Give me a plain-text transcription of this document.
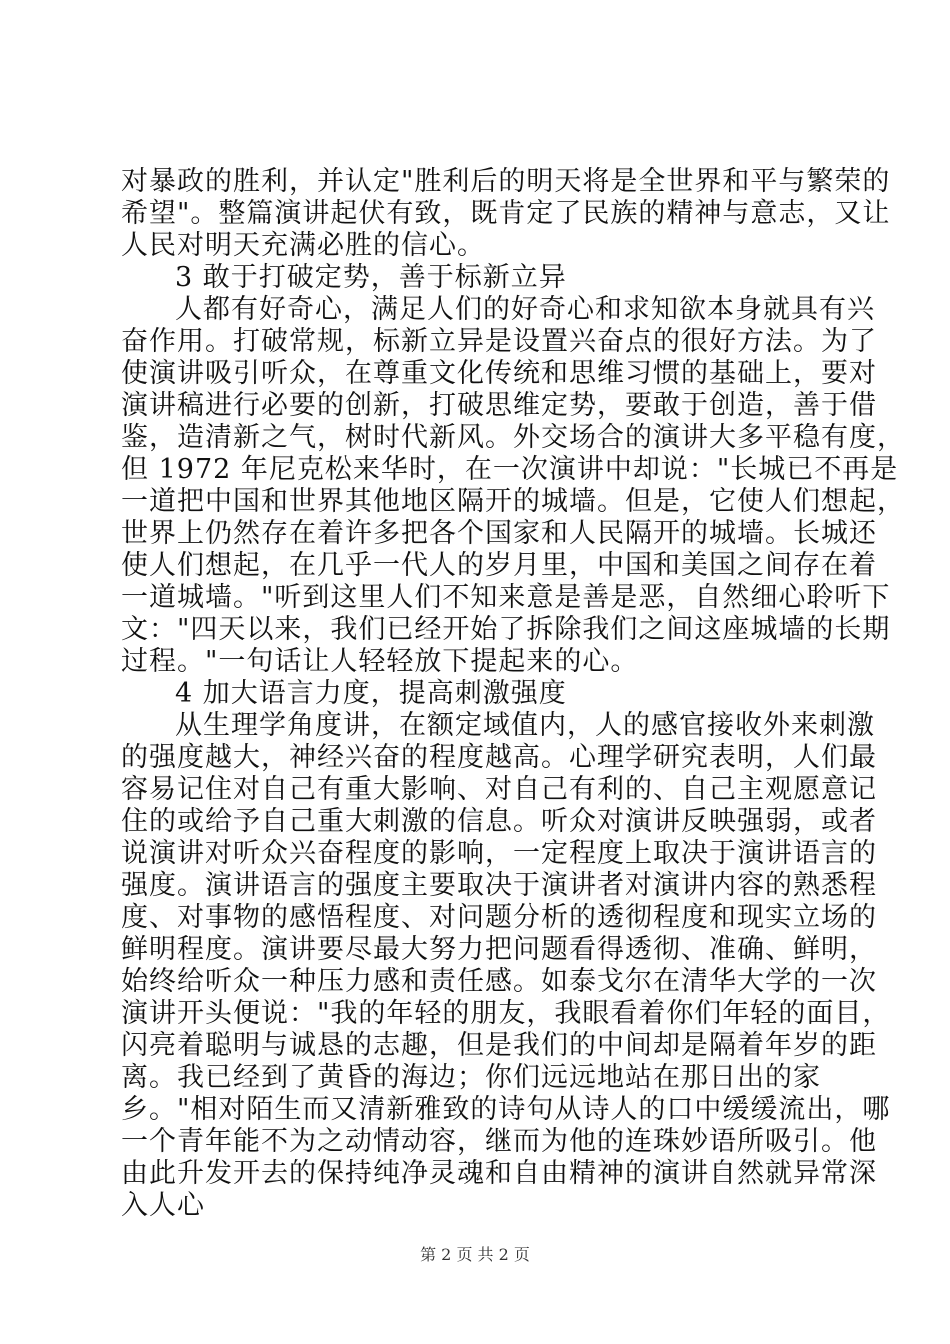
对暴政的胜利，并认定"胜利后的明天将是全世界和平与繁荣的
希望"。整篇演讲起伏有致，既肯定了民族的精神与意志，又让
人民对明天充满必胜的信心。
3 敢于打破定势，善于标新立异
人都有好奇心，满足人们的好奇心和求知欲本身就具有兴
奋作用。打破常规，标新立异是设置兴奋点的很好方法。为了
使演讲吸引听众，在尊重文化传统和思维习惯的基础上，要对
演讲稿进行必要的创新，打破思维定势，要敢于创造，善于借
鉴，造清新之气，树时代新风。外交场合的演讲大多平稳有度，
但 1972 年尼克松来华时，在一次演讲中却说："长城已不再是
一道把中国和世界其他地区隔开的城墙。但是，它使人们想起，
世界上仍然存在着许多把各个国家和人民隔开的城墙。长城还
使人们想起，在几乎一代人的岁月里，中国和美国之间存在着
一道城墙。"听到这里人们不知来意是善是恶，自然细心聆听下
文："四天以来，我们已经开始了拆除我们之间这座城墙的长期
过程。"一句话让人轻轻放下提起来的心。
4 加大语言力度，提高刺激强度
从生理学角度讲，在额定域值内，人的感官接收外来刺激
的强度越大，神经兴奋的程度越高。心理学研究表明，人们最
容易记住对自己有重大影响、对自己有利的、自己主观愿意记
住的或给予自己重大刺激的信息。听众对演讲反映强弱，或者
说演讲对听众兴奋程度的影响，一定程度上取决于演讲语言的
强度。演讲语言的强度主要取决于演讲者对演讲内容的熟悉程
度、对事物的感悟程度、对问题分析的透彻程度和现实立场的
鲜明程度。演讲要尽最大努力把问题看得透彻、准确、鲜明，
始终给听众一种压力感和责任感。如泰戈尔在清华大学的一次
演讲开头便说："我的年轻的朋友，我眼看着你们年轻的面目，
闪亮着聪明与诚恳的志趣，但是我们的中间却是隔着年岁的距
离。我已经到了黄昏的海边；你们远远地站在那日出的家
乡。"相对陌生而又清新雅致的诗句从诗人的口中缓缓流出，哪
一个青年能不为之动情动容，继而为他的连珠妙语所吸引。他
由此升发开去的保持纯净灵魂和自由精神的演讲自然就异常深
入人心
第 2 页 共 2 页
